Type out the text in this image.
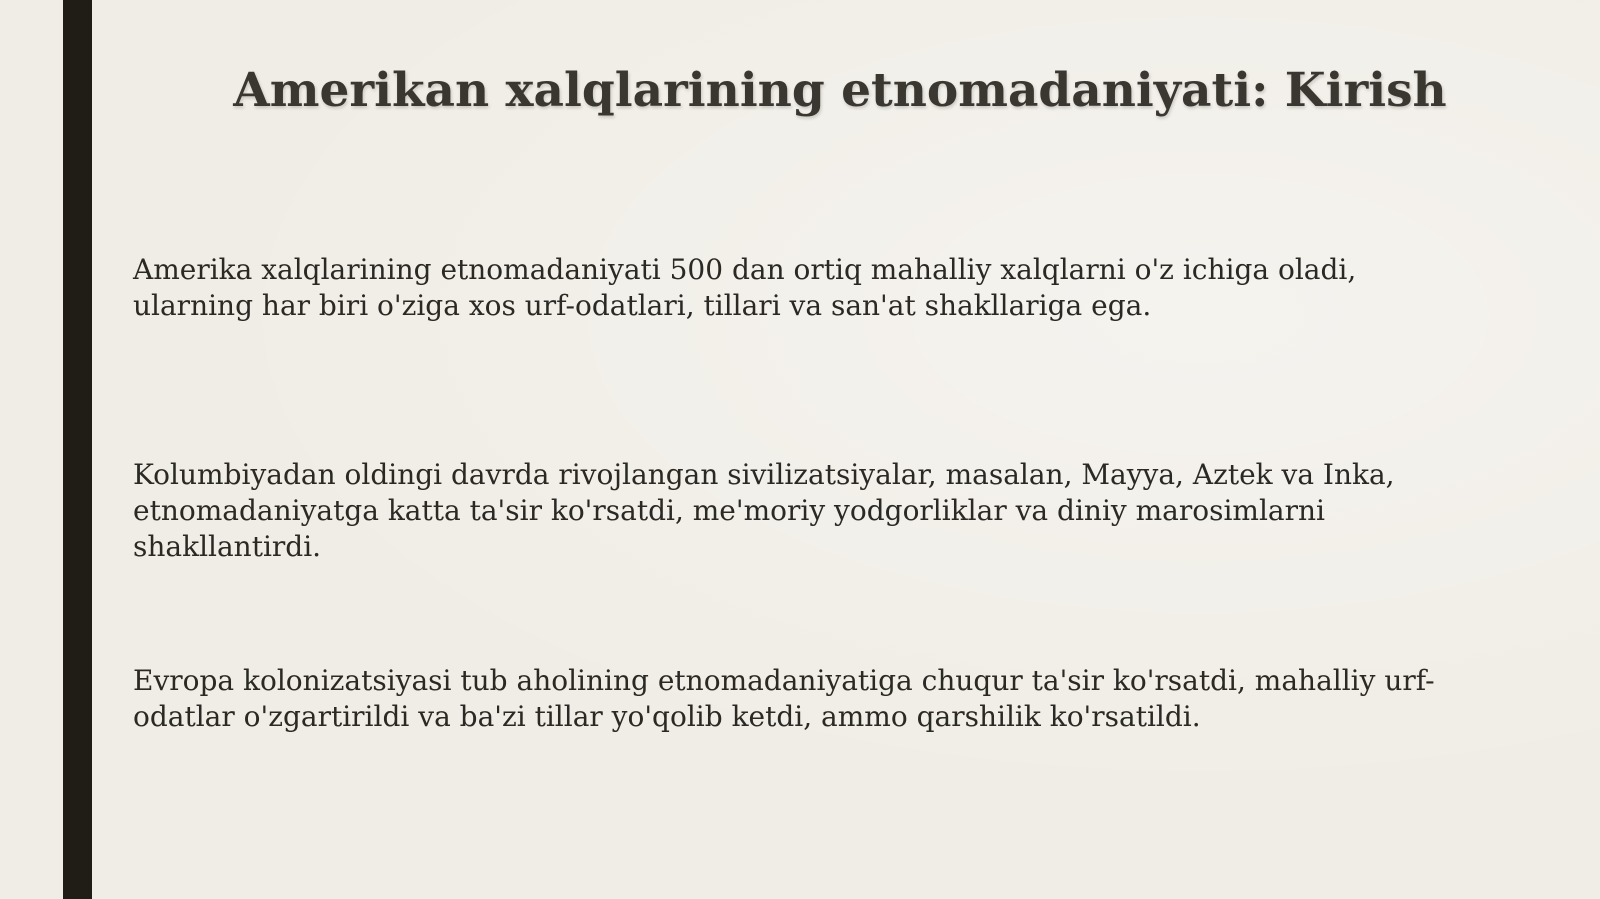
Amerikan xalqlarining etnomadaniyati: Kirish

Amerika xalqlarining etnomadaniyati 500 dan ortiq mahalliy xalqlarni o'z ichiga oladi, ularning har biri o'ziga xos urf-odatlari, tillari va san'at shakllariga ega.

Kolumbiyadan oldingi davrda rivojlangan sivilizatsiyalar, masalan, Mayya, Aztek va Inka, etnomadaniyatga katta ta'sir ko'rsatdi, me'moriy yodgorliklar va diniy marosimlarni shakllantirdi.

Evropa kolonizatsiyasi tub aholining etnomadaniyatiga chuqur ta'sir ko'rsatdi, mahalliy urf-odatlar o'zgartirildi va ba'zi tillar yo'qolib ketdi, ammo qarshilik ko'rsatildi.
